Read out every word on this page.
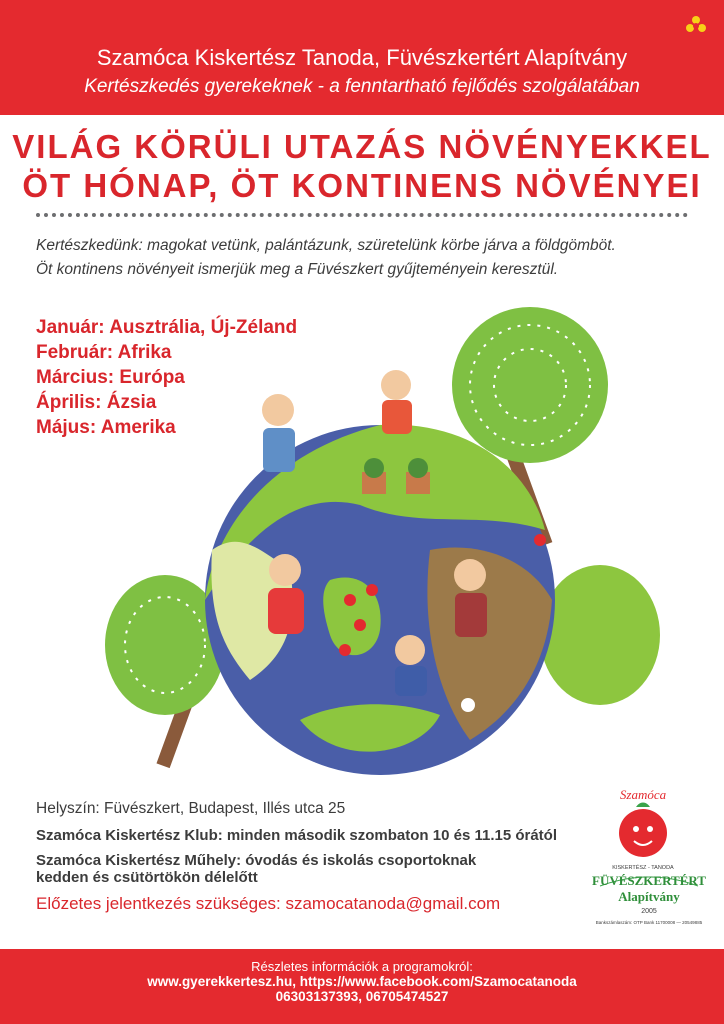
Szamóca Kiskertész Tanoda, Füvészkertért Alapítvány
Kertészkedés gyerekeknek - a fenntartható fejlődés szolgálatában
VILÁG KÖRÜLI UTAZÁS NÖVÉNYEKKEL
ÖT HÓNAP, ÖT KONTINENS NÖVÉNYEI
Kertészkedünk: magokat vetünk, palántázunk, szüretelünk körbe járva a földgömböt.
Öt kontinens növényeit ismerjük meg a Füvészkert gyűjteményein keresztül.
Január: Ausztrália, Új-Zéland
Február: Afrika
Március: Európa
Április: Ázsia
Május: Amerika
Helyszín: Füvészkert, Budapest, Illés utca 25
Szamóca Kiskertész Klub: minden második szombaton 10 és 11.15 órától
Szamóca Kiskertész Műhely: óvodás és iskolás csoportoknak
kedden és csütörtökön délelőtt
Előzetes jelentkezés szükséges: szamocatanoda@gmail.com
Szamóca
KISKERTÉSZ - TANODA
FÜVÉSZKERTÉRT
Alapítvány
2005
Bankszámlaszám: OTP Bank 11700008 — 20549885
Részletes információk a programokról:
www.gyerekkertesz.hu, https://www.facebook.com/Szamocatanoda
06303137393, 06705474527
